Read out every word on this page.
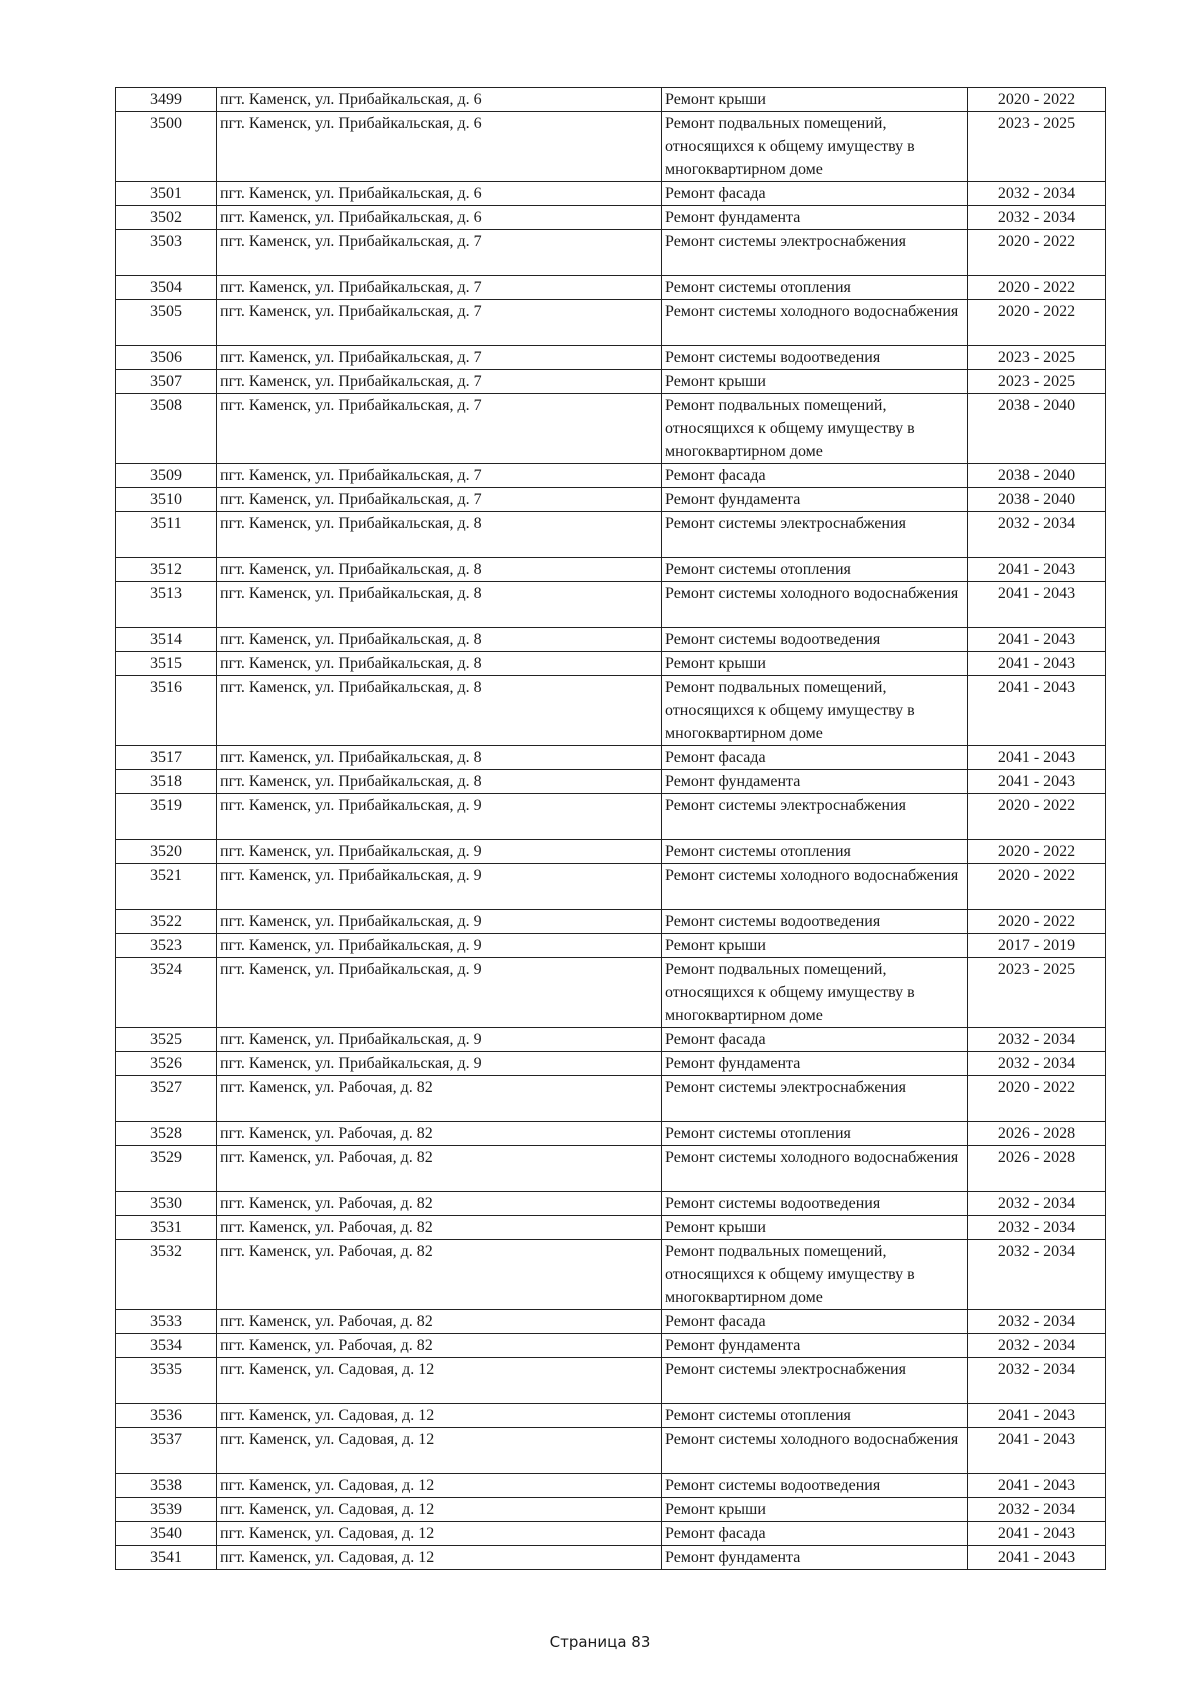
3499	пгт. Каменск, ул. Прибайкальская, д. 6	Ремонт крыши	2020 - 2022
3500	пгт. Каменск, ул. Прибайкальская, д. 6	Ремонт подвальных помещений, относящихся к общему имуществу в многоквартирном доме	2023 - 2025
3501	пгт. Каменск, ул. Прибайкальская, д. 6	Ремонт фасада	2032 - 2034
3502	пгт. Каменск, ул. Прибайкальская, д. 6	Ремонт фундамента	2032 - 2034
3503	пгт. Каменск, ул. Прибайкальская, д. 7	Ремонт системы электроснабжения	2020 - 2022
3504	пгт. Каменск, ул. Прибайкальская, д. 7	Ремонт системы отопления	2020 - 2022
3505	пгт. Каменск, ул. Прибайкальская, д. 7	Ремонт системы холодного водоснабжения	2020 - 2022
3506	пгт. Каменск, ул. Прибайкальская, д. 7	Ремонт системы водоотведения	2023 - 2025
3507	пгт. Каменск, ул. Прибайкальская, д. 7	Ремонт крыши	2023 - 2025
3508	пгт. Каменск, ул. Прибайкальская, д. 7	Ремонт подвальных помещений, относящихся к общему имуществу в многоквартирном доме	2038 - 2040
3509	пгт. Каменск, ул. Прибайкальская, д. 7	Ремонт фасада	2038 - 2040
3510	пгт. Каменск, ул. Прибайкальская, д. 7	Ремонт фундамента	2038 - 2040
3511	пгт. Каменск, ул. Прибайкальская, д. 8	Ремонт системы электроснабжения	2032 - 2034
3512	пгт. Каменск, ул. Прибайкальская, д. 8	Ремонт системы отопления	2041 - 2043
3513	пгт. Каменск, ул. Прибайкальская, д. 8	Ремонт системы холодного водоснабжения	2041 - 2043
3514	пгт. Каменск, ул. Прибайкальская, д. 8	Ремонт системы водоотведения	2041 - 2043
3515	пгт. Каменск, ул. Прибайкальская, д. 8	Ремонт крыши	2041 - 2043
3516	пгт. Каменск, ул. Прибайкальская, д. 8	Ремонт подвальных помещений, относящихся к общему имуществу в многоквартирном доме	2041 - 2043
3517	пгт. Каменск, ул. Прибайкальская, д. 8	Ремонт фасада	2041 - 2043
3518	пгт. Каменск, ул. Прибайкальская, д. 8	Ремонт фундамента	2041 - 2043
3519	пгт. Каменск, ул. Прибайкальская, д. 9	Ремонт системы электроснабжения	2020 - 2022
3520	пгт. Каменск, ул. Прибайкальская, д. 9	Ремонт системы отопления	2020 - 2022
3521	пгт. Каменск, ул. Прибайкальская, д. 9	Ремонт системы холодного водоснабжения	2020 - 2022
3522	пгт. Каменск, ул. Прибайкальская, д. 9	Ремонт системы водоотведения	2020 - 2022
3523	пгт. Каменск, ул. Прибайкальская, д. 9	Ремонт крыши	2017 - 2019
3524	пгт. Каменск, ул. Прибайкальская, д. 9	Ремонт подвальных помещений, относящихся к общему имуществу в многоквартирном доме	2023 - 2025
3525	пгт. Каменск, ул. Прибайкальская, д. 9	Ремонт фасада	2032 - 2034
3526	пгт. Каменск, ул. Прибайкальская, д. 9	Ремонт фундамента	2032 - 2034
3527	пгт. Каменск, ул. Рабочая, д. 82	Ремонт системы электроснабжения	2020 - 2022
3528	пгт. Каменск, ул. Рабочая, д. 82	Ремонт системы отопления	2026 - 2028
3529	пгт. Каменск, ул. Рабочая, д. 82	Ремонт системы холодного водоснабжения	2026 - 2028
3530	пгт. Каменск, ул. Рабочая, д. 82	Ремонт системы водоотведения	2032 - 2034
3531	пгт. Каменск, ул. Рабочая, д. 82	Ремонт крыши	2032 - 2034
3532	пгт. Каменск, ул. Рабочая, д. 82	Ремонт подвальных помещений, относящихся к общему имуществу в многоквартирном доме	2032 - 2034
3533	пгт. Каменск, ул. Рабочая, д. 82	Ремонт фасада	2032 - 2034
3534	пгт. Каменск, ул. Рабочая, д. 82	Ремонт фундамента	2032 - 2034
3535	пгт. Каменск, ул. Садовая, д. 12	Ремонт системы электроснабжения	2032 - 2034
3536	пгт. Каменск, ул. Садовая, д. 12	Ремонт системы отопления	2041 - 2043
3537	пгт. Каменск, ул. Садовая, д. 12	Ремонт системы холодного водоснабжения	2041 - 2043
3538	пгт. Каменск, ул. Садовая, д. 12	Ремонт системы водоотведения	2041 - 2043
3539	пгт. Каменск, ул. Садовая, д. 12	Ремонт крыши	2032 - 2034
3540	пгт. Каменск, ул. Садовая, д. 12	Ремонт фасада	2041 - 2043
3541	пгт. Каменск, ул. Садовая, д. 12	Ремонт фундамента	2041 - 2043
Страница 83
